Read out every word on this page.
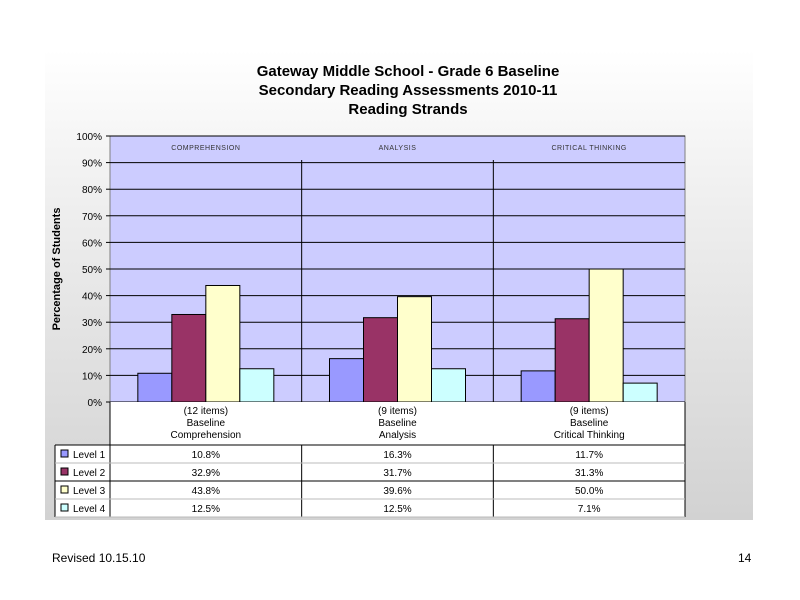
Gateway Middle School - Grade 6 Baseline
Secondary Reading Assessments 2010-11
Reading Strands
0%
10%
20%
30%
40%
50%
60%
70%
80%
90%
100%
COMPREHENSION	ANALYSIS	CRITICAL THINKING
Percentage of Students
(12 items)
Baseline
Comprehension
(9 items)
Baseline
Analysis
(9 items)
Baseline
Critical Thinking
Level 1	10.8%	16.3%	11.7%
Level 2	32.9%	31.7%	31.3%
Level 3	43.8%	39.6%	50.0%
Level 4	12.5%	12.5%	7.1%
Revised 10.15.10	14
